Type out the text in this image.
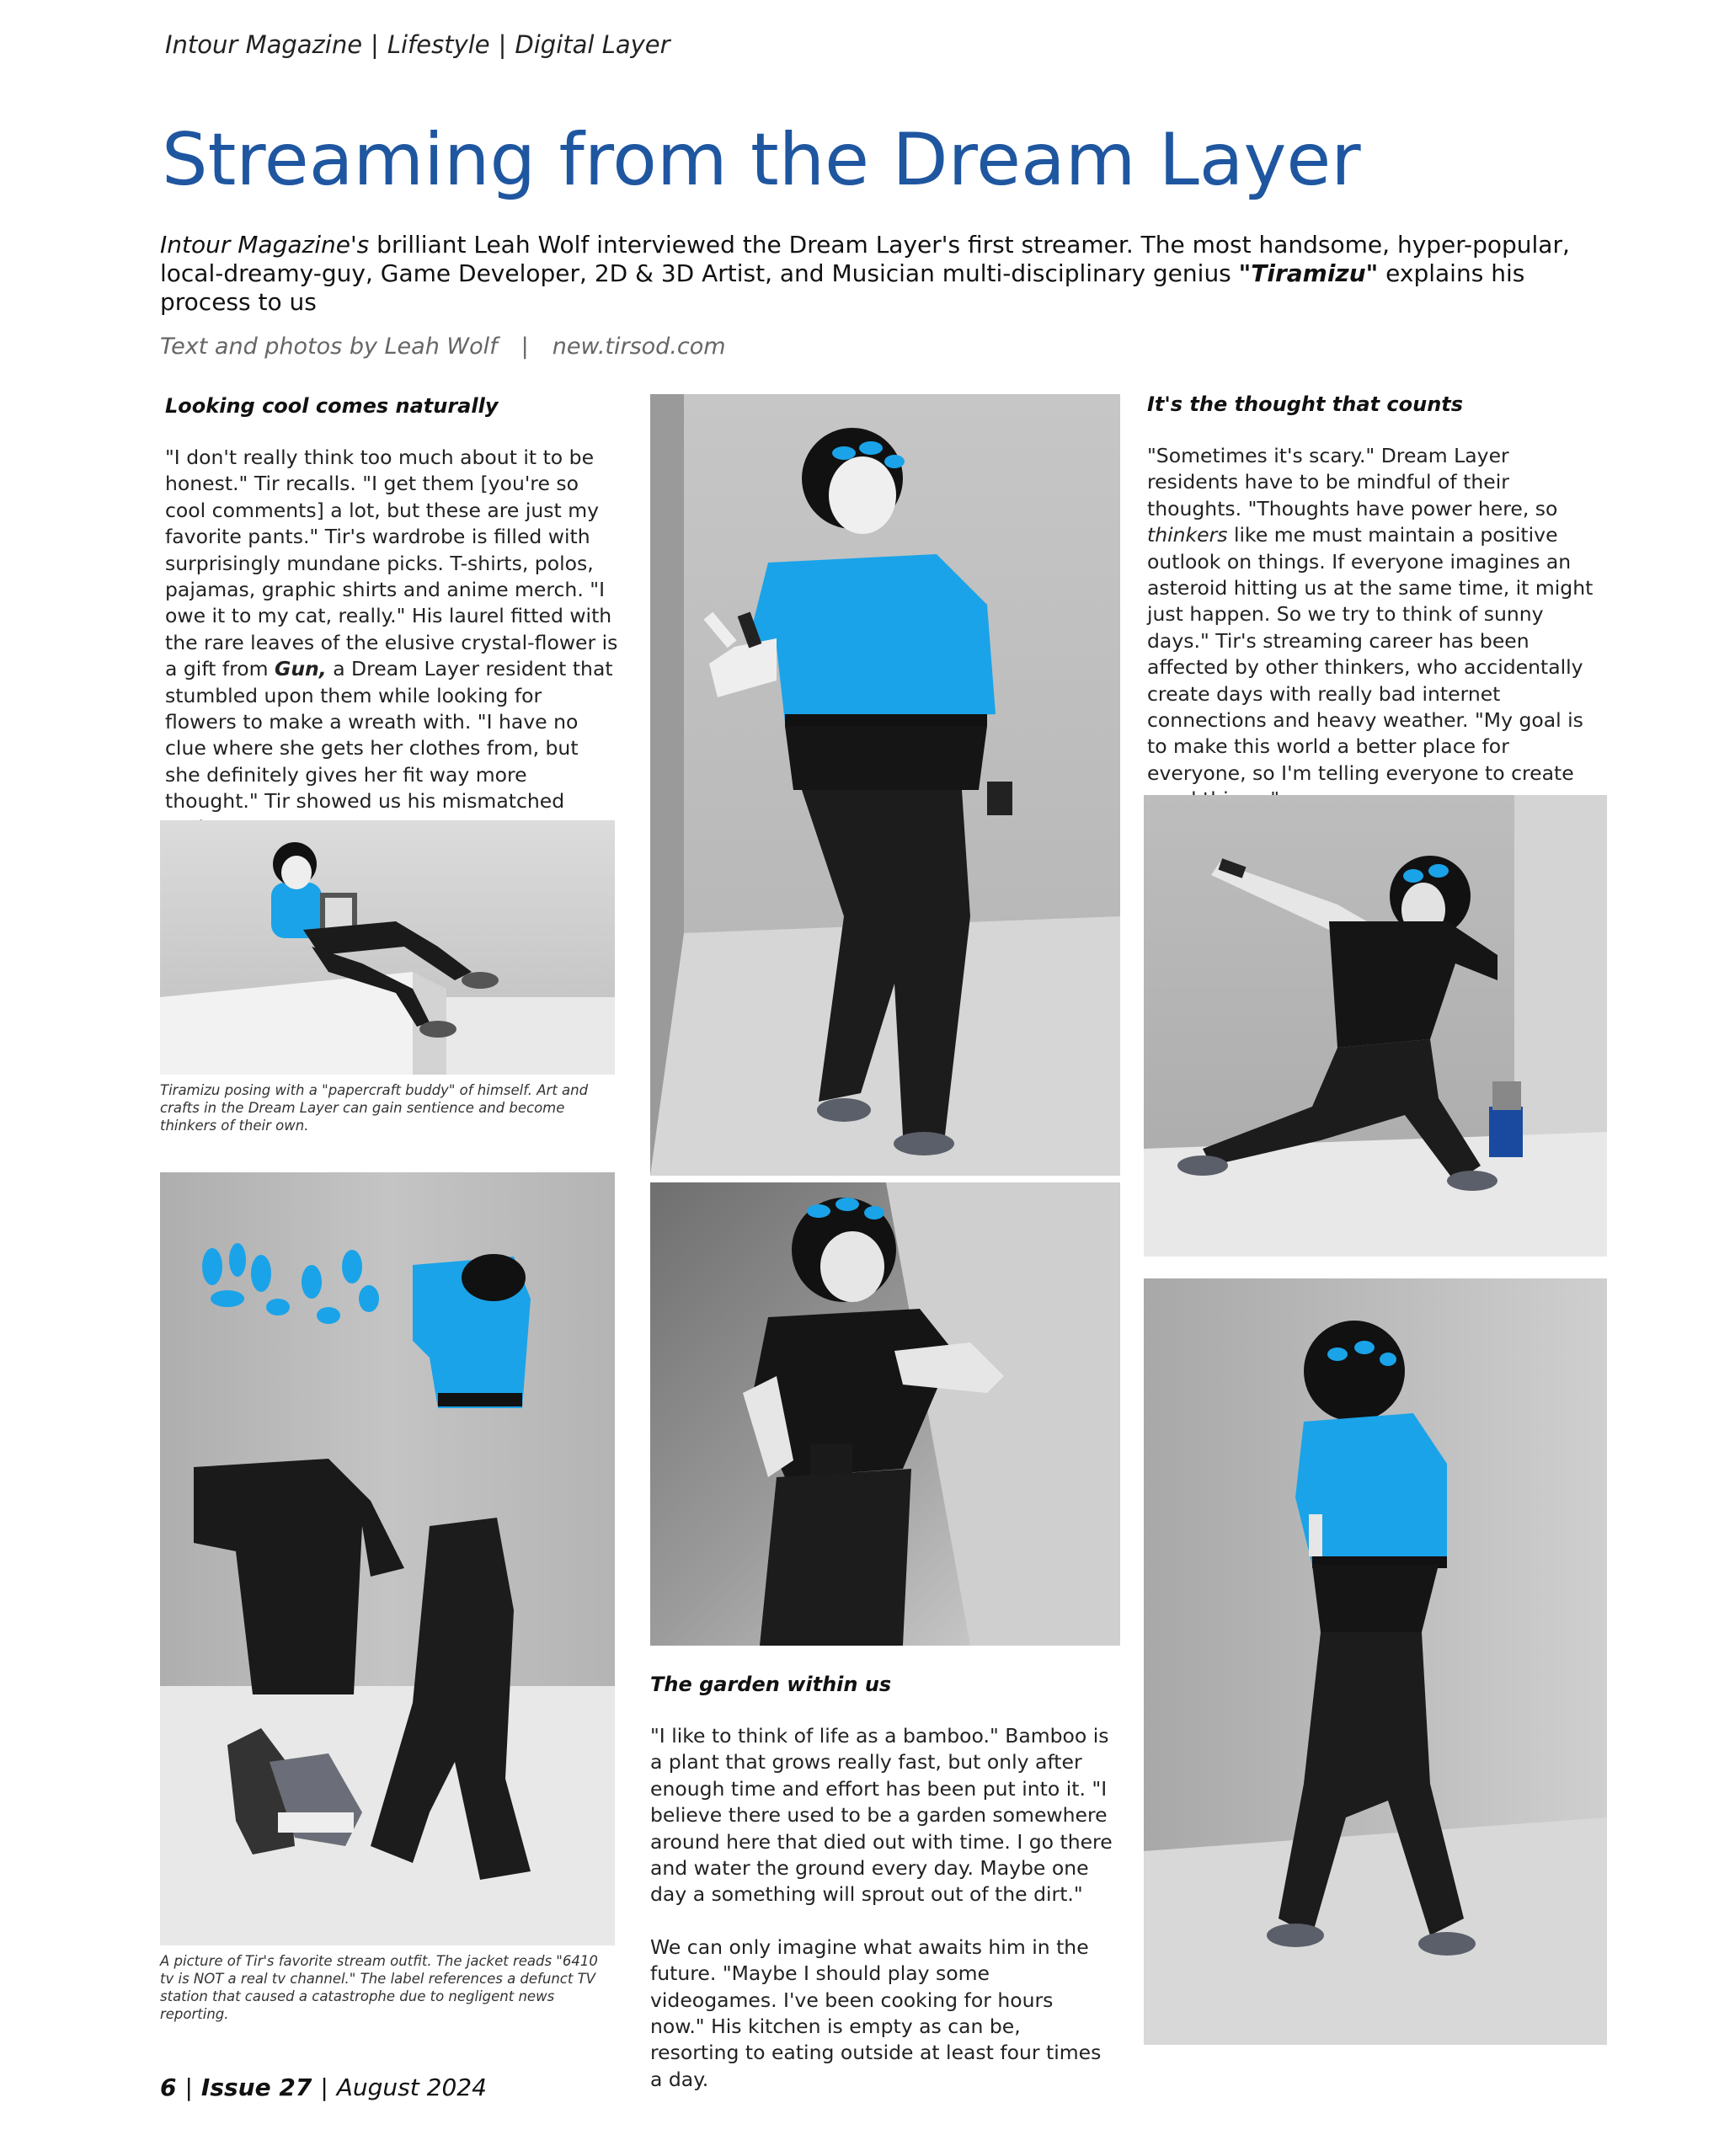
Intour Magazine | Lifestyle | Digital Layer
Streaming from the Dream Layer
Intour Magazine's brilliant Leah Wolf interviewed the Dream Layer's first streamer. The most handsome, hyper-popular, local-dreamy-guy, Game Developer, 2D & 3D Artist, and Musician multi-disciplinary genius "Tiramizu" explains his process to us
Text and photos by Leah Wolf | new.tirsod.com
Looking cool comes naturally

"I don't really think too much about it to be honest." Tir recalls. "I get them [you're so cool comments] a lot, but these are just my favorite pants." Tir's wardrobe is filled with surprisingly mundane picks. T-shirts, polos, pajamas, graphic shirts and anime merch. "I owe it to my cat, really." His laurel fitted with the rare leaves of the elusive crystal-flower is a gift from Gun, a Dream Layer resident that stumbled upon them while looking for flowers to make a wreath with. "I have no clue where she gets her clothes from, but she definitely gives her fit way more thought." Tir showed us his mismatched

Tiramizu posing with a "papercraft buddy" of himself. Art and crafts in the Dream Layer can gain sentience and become thinkers of their own.
A picture of Tir's favorite stream outfit. The jacket reads "6410 tv is NOT a real tv channel." The label references a defunct TV station that caused a catastrophe due to negligent news reporting.
The garden within us

"I like to think of life as a bamboo." Bamboo is a plant that grows really fast, but only after enough time and effort has been put into it. "I believe there used to be a garden somewhere around here that died out with time. I go there and water the ground every day. Maybe one day a something will sprout out of the dirt."

We can only imagine what awaits him in the future. "Maybe I should play some videogames. I've been cooking for hours now." His kitchen is empty as can be, resorting to eating outside at least four times a day.

It's the thought that counts

"Sometimes it's scary." Dream Layer residents have to be mindful of their thoughts. "Thoughts have power here, so thinkers like me must maintain a positive outlook on things. If everyone imagines an asteroid hitting us at the same time, it might just happen. So we try to think of sunny days." Tir's streaming career has been affected by other thinkers, who accidentally create days with really bad internet connections and heavy weather. "My goal is to make this world a better place for everyone, so I'm telling everyone to create

6 | Issue 27 | August 2024
